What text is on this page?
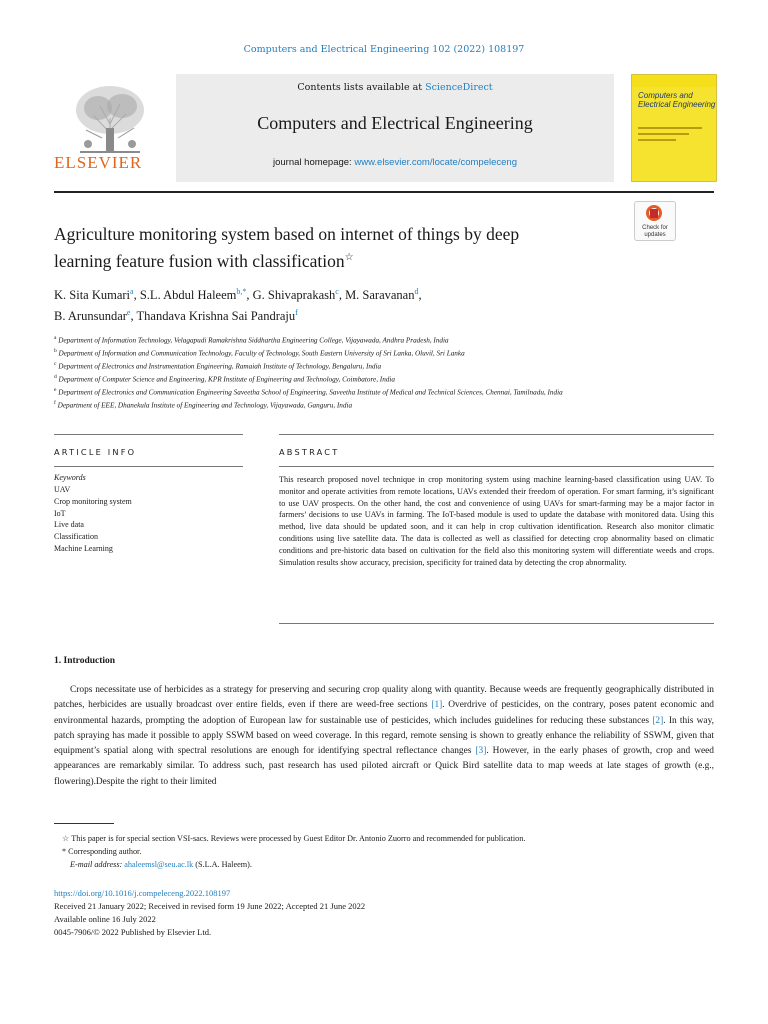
Computers and Electrical Engineering 102 (2022) 108197
Contents lists available at ScienceDirect
Computers and Electrical Engineering
journal homepage: www.elsevier.com/locate/compeleceng
ELSEVIER
Computers and
Electrical Engineering
Agriculture monitoring system based on internet of things by deep
learning feature fusion with classification☆
Check for
updates
K. Sita Kumari$^a$, S.L. Abdul Haleem$^{b,*}$, G. Shivaprakash$^c$, M. Saravanan$^d$,
B. Arunsundar$^e$, Thandava Krishna Sai Pandraju$^f$
$^a$ Department of Information Technology, Velagapudi Ramakrishna Siddhartha Engineering College, Vijayawada, Andhra Pradesh, India
$^b$ Department of Information and Communication Technology, Faculty of Technology, South Eastern University of Sri Lanka, Oluvil, Sri Lanka
$^c$ Department of Electronics and Instrumentation Engineering, Ramaiah Institute of Technology, Bengaluru, India
$^d$ Department of Computer Science and Engineering, KPR Institute of Engineering and Technology, Coimbatore, India
$^e$ Department of Electronics and Communication Engineering Saveetha School of Engineering, Saveetha Institute of Medical and Technical Sciences, Chennai, Tamilnadu, India
$^f$ Department of EEE, Dhanekula Institute of Engineering and Technology, Vijayawada, Ganguru, India
ARTICLE INFO	ABSTRACT
Keywords
UAV
Crop monitoring system
IoT
Live data
Classification
Machine Learning
This research proposed novel technique in crop monitoring system using machine learning-based classification using UAV. To monitor and operate activities from remote locations, UAVs extended their freedom of operation. For smart farming, it’s significant to use UAV prospects. On the other hand, the cost and convenience of using UAVs for smart-farming may be a major factor in farmers’ decisions to use UAVs in farming. The IoT-based module is used to update the database with monitored data. Using this method, live data should be updated soon, and it can help in crop cultivation identification. Research also monitor climatic conditions using live satellite data. The data is collected as well as classified for detecting crop abnormality based on climatic conditions and pre-historic data based on cultivation for the field also this monitoring system will differentiate weeds and crops. Simulation results show accuracy, precision, specificity for trained data by detecting the crop abnormality.
1. Introduction
Crops necessitate use of herbicides as a strategy for preserving and securing crop quality along with quantity. Because weeds are frequently geographically distributed in patches, herbicides are usually broadcast over entire fields, even if there are weed-free sections [1]. Overdrive of pesticides, on the contrary, poses patent economic and environmental hazards, prompting the adoption of European law for sustainable use of pesticides, which includes guidelines for reducing these substances [2]. In this way, patch spraying has made it possible to apply SSWM based on weed coverage. In this regard, remote sensing is shown to greatly enhance the reliability of SSWM, given that equipment’s spatial along with spectral resolutions are enough for identifying spectral reflectance changes [3]. However, in the early phases of growth, crop and weed appearances are remarkably similar. To address such, past research has used piloted aircraft or Quick Bird satellite data to map weeds at late stages of growth (e.g., flowering).Despite the right to their limited
☆ This paper is for special section VSI-sacs. Reviews were processed by Guest Editor Dr. Antonio Zuorro and recommended for publication.
* Corresponding author.
E-mail address: ahaleemsl@seu.ac.lk (S.L.A. Haleem).
https://doi.org/10.1016/j.compeleceng.2022.108197
Received 21 January 2022; Received in revised form 19 June 2022; Accepted 21 June 2022
Available online 16 July 2022
0045-7906/© 2022 Published by Elsevier Ltd.
